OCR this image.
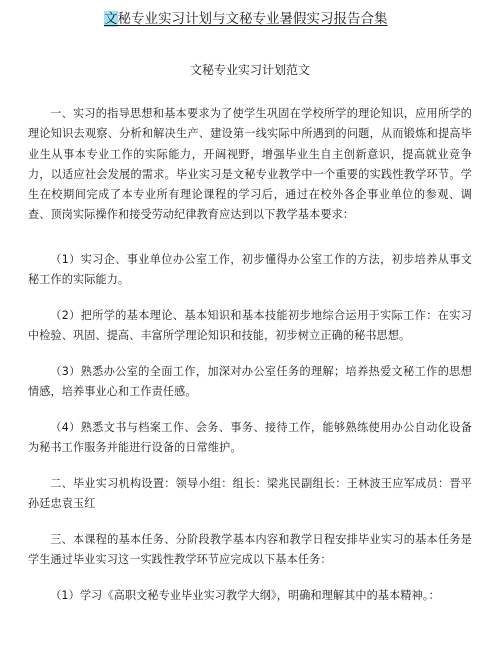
文秘专业实习计划与文秘专业暑假实习报告合集
文秘专业实习计划范文

一、实习的指导思想和基本要求为了使学生巩固在学校所学的理论知识，应用所学的理论知识去观察、分析和解决生产、建设第一线实际中所遇到的问题，从而锻炼和提高毕业生从事本专业工作的实际能力，开阔视野，增强毕业生自主创新意识，提高就业竞争力，以适应社会发展的需求。毕业实习是文秘专业教学中一个重要的实践性教学环节。学生在校期间完成了本专业所有理论课程的学习后，通过在校外各企事业单位的参观、调查、顶岗实际操作和接受劳动纪律教育应达到以下教学基本要求：

（1）实习企、事业单位办公室工作，初步懂得办公室工作的方法，初步培养从事文秘工作的实际能力。

（2）把所学的基本理论、基本知识和基本技能初步地综合运用于实际工作：在实习中检验、巩固、提高、丰富所学理论知识和技能，初步树立正确的秘书思想。

（3）熟悉办公室的全面工作，加深对办公室任务的理解；培养热爱文秘工作的思想情感，培养事业心和工作责任感。

（4）熟悉文书与档案工作、会务、事务、接待工作，能够熟练使用办公自动化设备为秘书工作服务并能进行设备的日常维护。

二、毕业实习机构设置：领导小组：组长：梁兆民副组长：王林波王应军成员：晋平孙廷忠袁玉红

三、本课程的基本任务、分阶段教学基本内容和教学日程安排毕业实习的基本任务是学生通过毕业实习这一实践性教学环节应完成以下基本任务：

（1）学习《高职文秘专业毕业实习教学大纲》，明确和理解其中的基本精神。：
